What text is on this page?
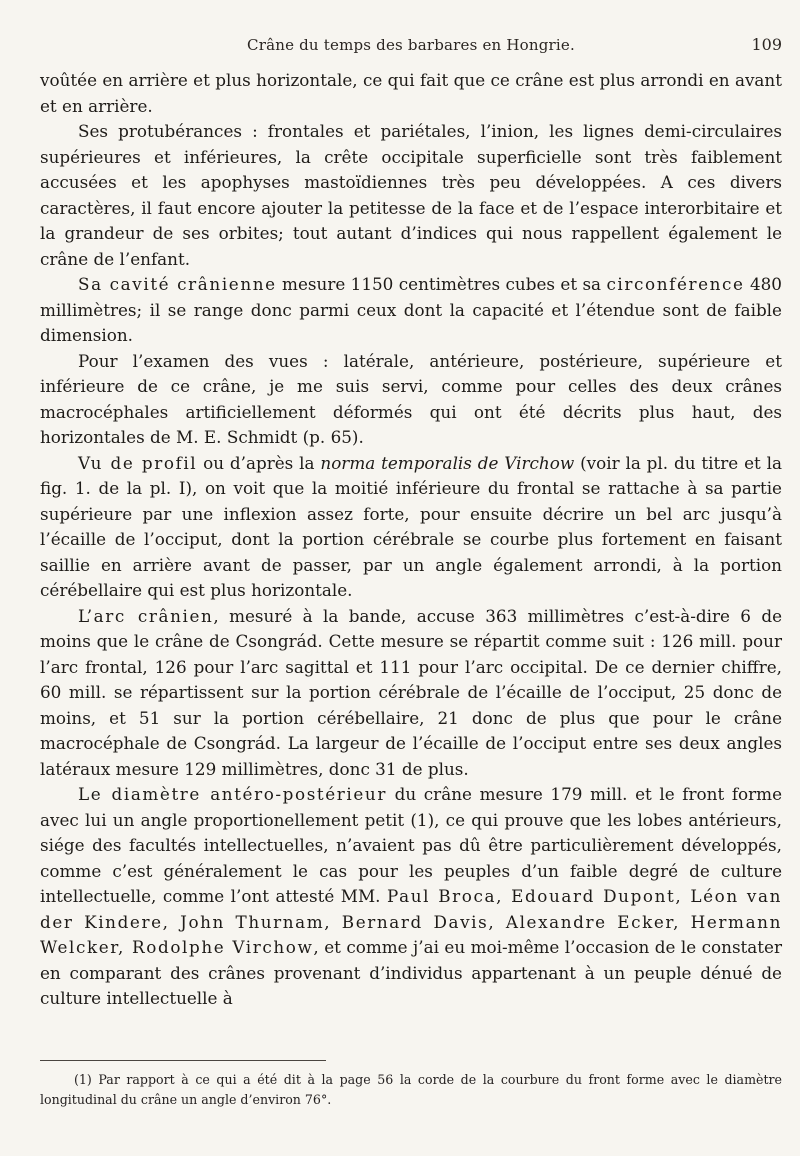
Crâne du temps des barbares en Hongrie.	109

voûtée en arrière et plus horizontale, ce qui fait que ce crâne est plus arrondi en avant et en arrière.

Ses protubérances : frontales et pariétales, l’inion, les lignes demi-circulaires supérieures et inférieures, la crête occipitale superficielle sont très faiblement accusées et les apophyses mastoïdiennes très peu développées. A ces divers caractères, il faut encore ajouter la petitesse de la face et de l’espace interorbitaire et la grandeur de ses orbites; tout autant d’indices qui nous rappellent également le crâne de l’enfant.

Sa cavité crânienne mesure 1150 centimètres cubes et sa circonférence 480 millimètres; il se range donc parmi ceux dont la capacité et l’étendue sont de faible dimension.

Pour l’examen des vues : latérale, antérieure, postérieure, supérieure et inférieure de ce crâne, je me suis servi, comme pour celles des deux crânes macrocéphales artificiellement déformés qui ont été décrits plus haut, des horizontales de M. E. Schmidt (p. 65).

Vu de profil ou d’après la norma temporalis de Virchow (voir la pl. du titre et la fig. 1. de la pl. I), on voit que la moitié inférieure du frontal se rattache à sa partie supérieure par une inflexion assez forte, pour ensuite décrire un bel arc jusqu’à l’écaille de l’occiput, dont la portion cérébrale se courbe plus fortement en faisant saillie en arrière avant de passer, par un angle également arrondi, à la portion cérébellaire qui est plus horizontale.

L’arc crânien, mesuré à la bande, accuse 363 millimètres c’est-à-dire 6 de moins que le crâne de Csongrád. Cette mesure se répartit comme suit : 126 mill. pour l’arc frontal, 126 pour l’arc sagittal et 111 pour l’arc occipital. De ce dernier chiffre, 60 mill. se répartissent sur la portion cérébrale de l’écaille de l’occiput, 25 donc de moins, et 51 sur la portion cérébellaire, 21 donc de plus que pour le crâne macrocéphale de Csongrád. La largeur de l’écaille de l’occiput entre ses deux angles latéraux mesure 129 millimètres, donc 31 de plus.

Le diamètre antéro-postérieur du crâne mesure 179 mill. et le front forme avec lui un angle proportionellement petit (1), ce qui prouve que les lobes antérieurs, siége des facultés intellectuelles, n’avaient pas dû être particulièrement développés, comme c’est généralement le cas pour les peuples d’un faible degré de culture intellectuelle, comme l’ont attesté MM. Paul Broca, Edouard Dupont, Léon van der Kindere, John Thurnam, Bernard Davis, Alexandre Ecker, Hermann Welcker, Rodolphe Virchow, et comme j’ai eu moi-même l’occasion de le constater en comparant des crânes provenant d’individus appartenant à un peuple dénué de culture intellectuelle à

(1) Par rapport à ce qui a été dit à la page 56 la corde de la courbure du front forme avec le diamètre longitudinal du crâne un angle d’environ 76°.
